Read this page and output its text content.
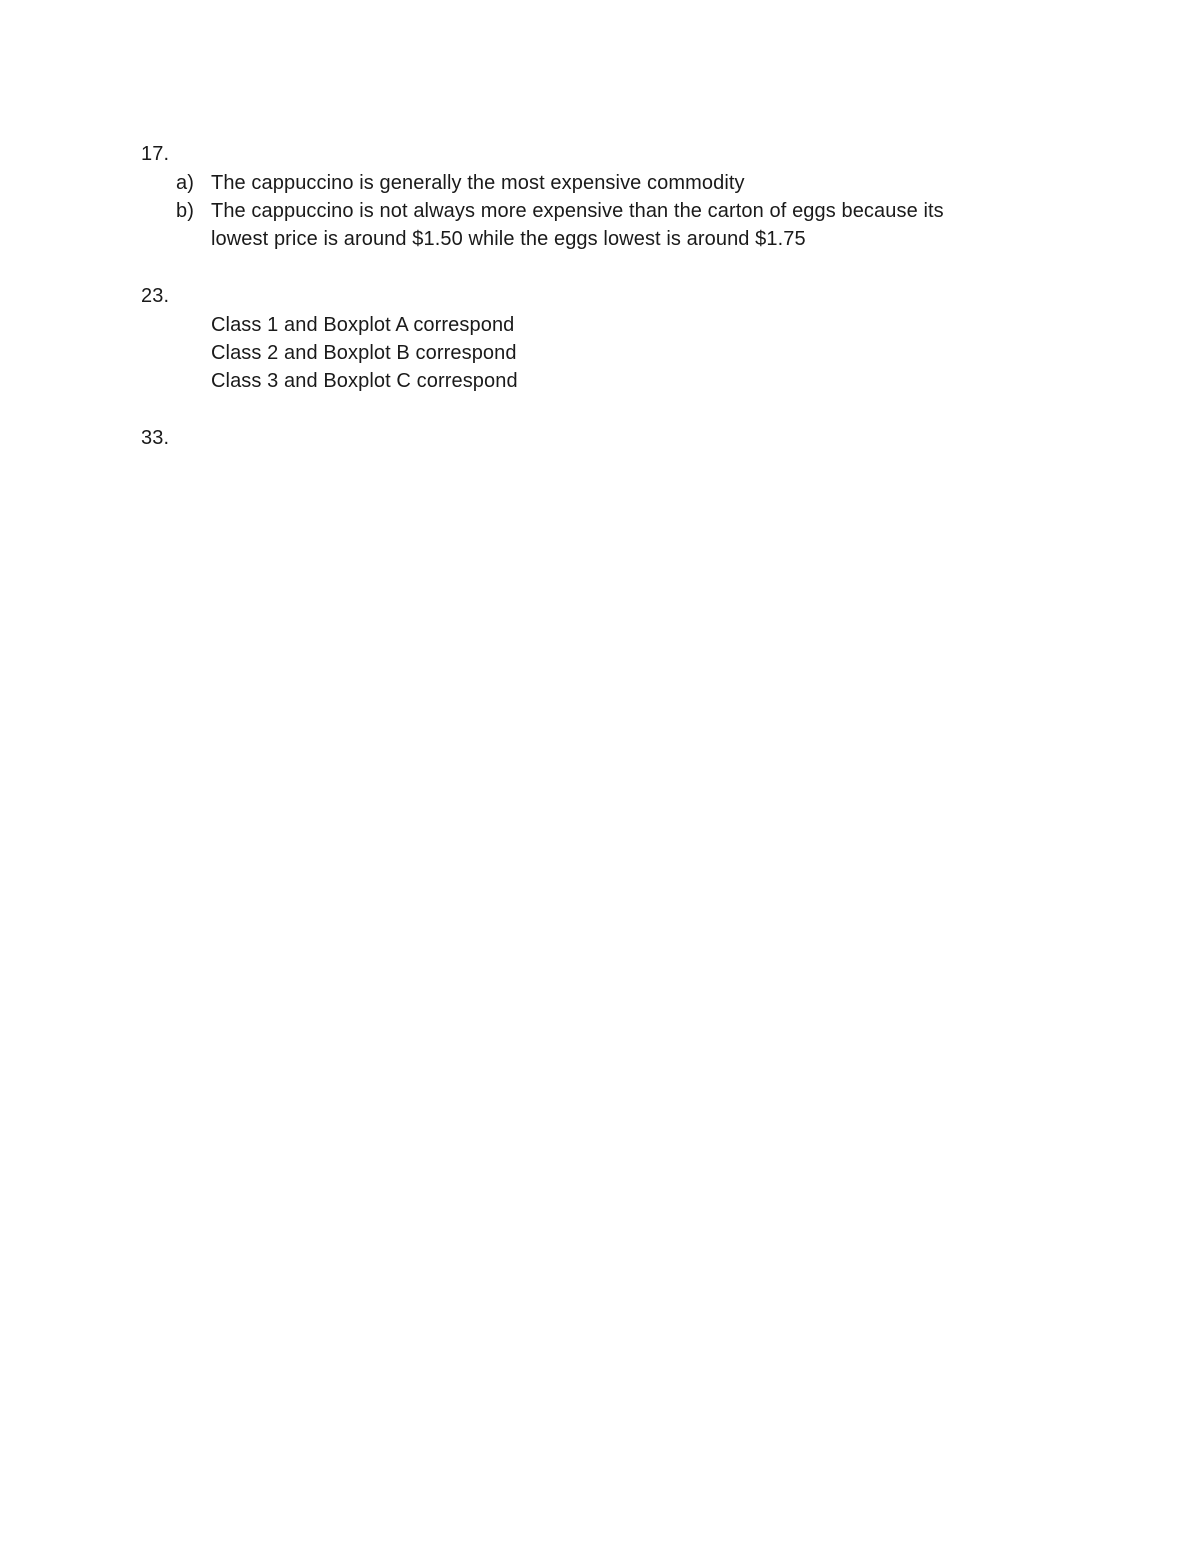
17.
a) The cappuccino is generally the most expensive commodity
b) The cappuccino is not always more expensive than the carton of eggs because its
lowest price is around $1.50 while the eggs lowest is around $1.75
23.
Class 1 and Boxplot A correspond
Class 2 and Boxplot B correspond
Class 3 and Boxplot C correspond
33.
